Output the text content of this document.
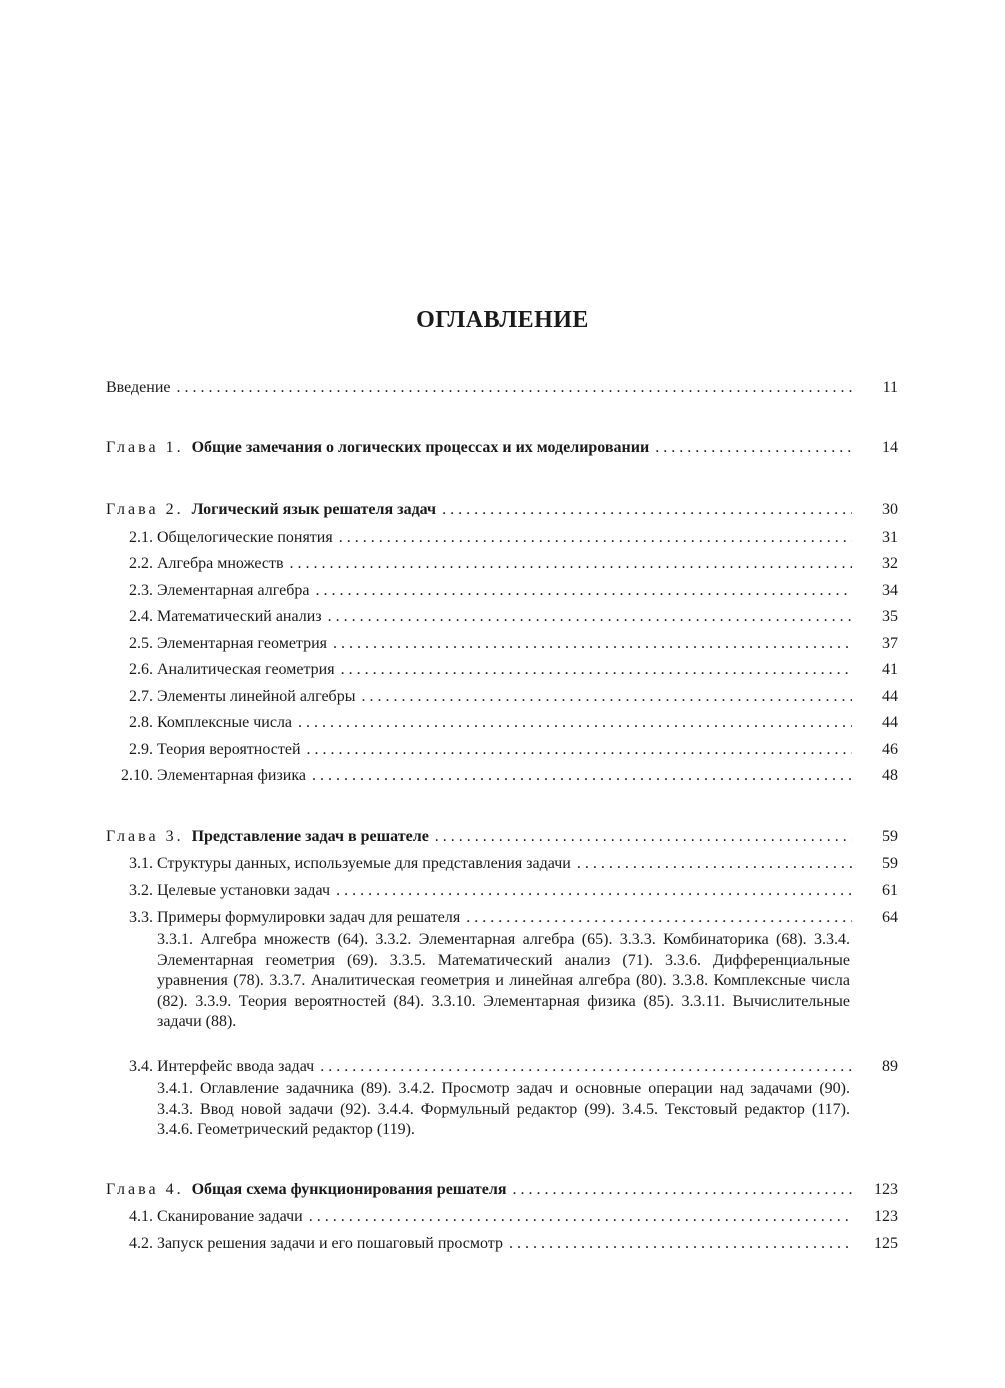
ОГЛАВЛЕНИЕ
Введение . . .	11
Глава 1. Общие замечания о логических процессах и их моделировании . . .	14
Глава 2. Логический язык решателя задач . . .	30
2.1. Общелогические понятия . . .	31
2.2. Алгебра множеств . . .	32
2.3. Элементарная алгебра . . .	34
2.4. Математический анализ . . .	35
2.5. Элементарная геометрия . . .	37
2.6. Аналитическая геометрия . . .	41
2.7. Элементы линейной алгебры . . .	44
2.8. Комплексные числа . . .	44
2.9. Теория вероятностей . . .	46
2.10. Элементарная физика . . .	48
Глава 3. Представление задач в решателе . . .	59
3.1. Структуры данных, используемые для представления задачи . . .	59
3.2. Целевые установки задач . . .	61
3.3. Примеры формулировки задач для решателя . . .	64
3.3.1. Алгебра множеств (64). 3.3.2. Элементарная алгебра (65). 3.3.3. Комбинаторика (68). 3.3.4. Элементарная геометрия (69). 3.3.5. Математический анализ (71). 3.3.6. Дифференциальные уравнения (78). 3.3.7. Аналитическая геометрия и линейная алгебра (80). 3.3.8. Комплексные числа (82). 3.3.9. Теория вероятностей (84). 3.3.10. Элементарная физика (85). 3.3.11. Вычислительные задачи (88).
3.4. Интерфейс ввода задач . . .	89
3.4.1. Оглавление задачника (89). 3.4.2. Просмотр задач и основные операции над задачами (90). 3.4.3. Ввод новой задачи (92). 3.4.4. Формульный редактор (99). 3.4.5. Текстовый редактор (117). 3.4.6. Геометрический редактор (119).
Глава 4. Общая схема функционирования решателя . . .	123
4.1. Сканирование задачи . . .	123
4.2. Запуск решения задачи и его пошаговый просмотр . . .	125
